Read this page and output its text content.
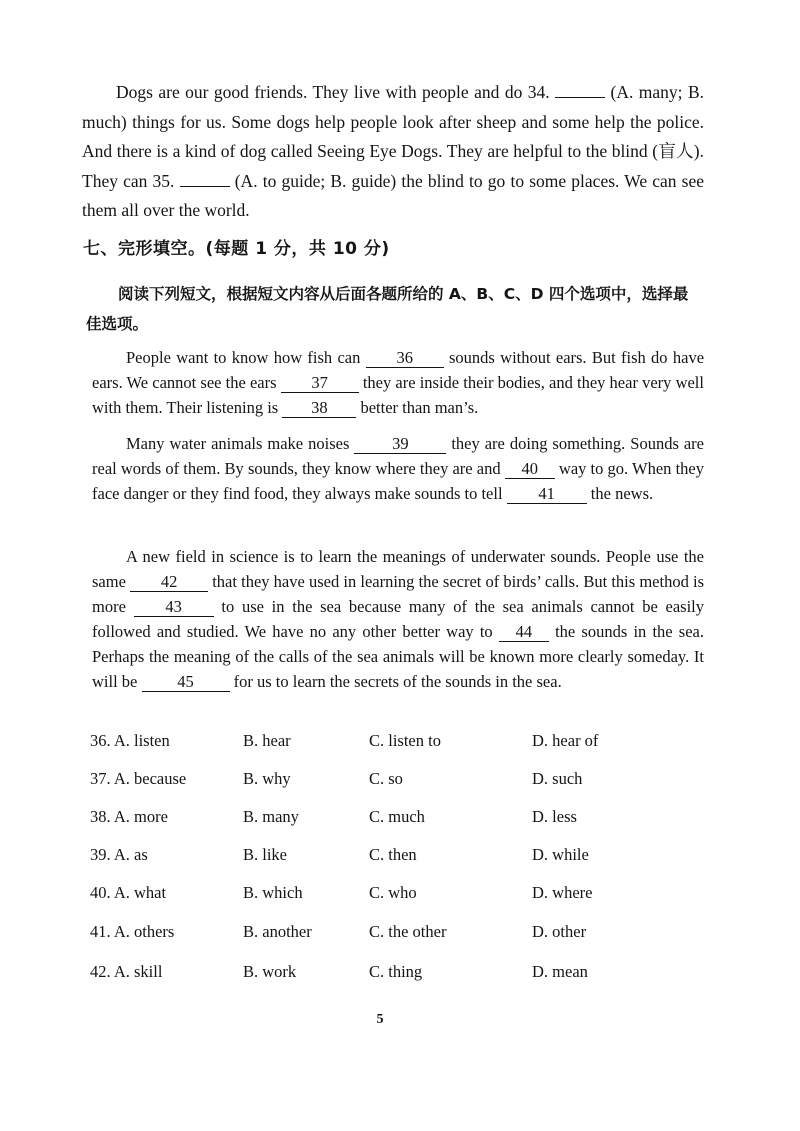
Dogs are our good friends. They live with people and do 34.	(A. many; B. much) things for us. Some dogs help people look after sheep and some help the police. And there is a kind of dog called Seeing Eye Dogs. They are helpful to the blind (盲人). They can 35.	(A. to guide; B. guide) the blind to go to some places. We can see them all over the world.
七、完形填空。(每题 1 分，共 10 分)
阅读下列短文，根据短文内容从后面各题所给的 A、B、C、D 四个选项中，选择最佳选项。
People want to know how fish can 36 sounds without ears. But fish do have ears. We cannot see the ears 37 they are inside their bodies, and they hear very well with them. Their listening is 38 better than man’s.
Many water animals make noises	39	they are doing something. Sounds are real words of them. By sounds, they know where they are and 40 way to go. When they face danger or they find food, they always make sounds to tell 41 the news.
A new field in science is to learn the meanings of underwater sounds. People use the same 42 that they have used in learning the secret of birds’ calls. But this method is more 43 to use in the sea because many of the sea animals cannot be easily followed and studied. We have no any other better way to 44 the sounds in the sea. Perhaps the meaning of the calls of the sea animals will be known more clearly someday. It will be 45 for us to learn the secrets of the sounds in the sea.
36. A. listen	B. hear	C. listen to	D. hear of
37. A. because	B. why	C. so	D. such
38. A. more	B. many	C. much	D. less
39. A. as	B. like	C. then	D. while
40. A. what	B. which	C. who	D. where
41. A. others	B. another	C. the other	D. other
42. A. skill	B. work	C. thing	D. mean
5
